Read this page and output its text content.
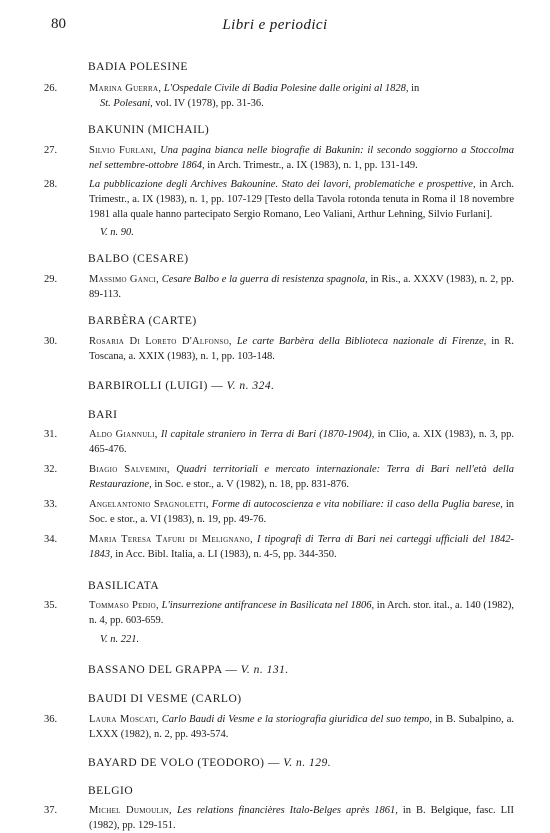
80	Libri e periodici
BADIA POLESINE
26.	Marina Guerra, L'Ospedale Civile di Badia Polesine dalle origini al 1828, in
St. Polesani, vol. IV (1978), pp. 31-36.
BAKUNIN (MICHAIL)
27.	Silvio Furlani, Una pagina bianca nelle biografie di Bakunin: il secondo soggiorno a Stoccolma nel settembre-ottobre 1864, in Arch. Trimestr., a. IX (1983), n. 1, pp. 131-149.
28.	La pubblicazione degli Archives Bakounine. Stato dei lavori, problematiche e prospettive, in Arch. Trimestr., a. IX (1983), n. 1, pp. 107-129 [Testo della Tavola rotonda tenuta in Roma il 18 novembre 1981 alla quale hanno partecipato Sergio Romano, Leo Valiani, Arthur Lehning, Silvio Furlani].
V. n. 90.
BALBO (CESARE)
29.	Massimo Ganci, Cesare Balbo e la guerra di resistenza spagnola, in Ris., a. XXXV (1983), n. 2, pp. 89-113.
BARBÈRA (CARTE)
30.	Rosaria Di Loreto D'Alfonso, Le carte Barbèra della Biblioteca nazionale di Firenze, in R. Toscana, a. XXIX (1983), n. 1, pp. 103-148.
BARBIROLLI (LUIGI) — V. n. 324.
BARI
31.	Aldo Giannuli, Il capitale straniero in Terra di Bari (1870-1904), in Clio, a. XIX (1983), n. 3, pp. 465-476.
32.	Biagio Salvemini, Quadri territoriali e mercato internazionale: Terra di Bari nell'età della Restaurazione, in Soc. e stor., a. V (1982), n. 18, pp. 831-876.
33.	Angelantonio Spagnoletti, Forme di autocoscienza e vita nobiliare: il caso della Puglia barese, in Soc. e stor., a. VI (1983), n. 19, pp. 49-76.
34.	Maria Teresa Tafuri di Melignano, I tipografi di Terra di Bari nei carteggi ufficiali del 1842-1843, in Acc. Bibl. Italia, a. LI (1983), n. 4-5, pp. 344-350.
BASILICATA
35.	Tommaso Pedio, L'insurrezione antifrancese in Basilicata nel 1806, in Arch. stor. ital., a. 140 (1982), n. 4, pp. 603-659.
V. n. 221.
BASSANO DEL GRAPPA — V. n. 131.
BAUDI DI VESME (CARLO)
36.	Laura Moscati, Carlo Baudi di Vesme e la storiografia giuridica del suo tempo, in B. Subalpino, a. LXXX (1982), n. 2, pp. 493-574.
BAYARD DE VOLO (TEODORO) — V. n. 129.
BELGIO
37.	Michel Dumoulin, Les relations financières Italo-Belges après 1861, in B. Belgique, fasc. LII (1982), pp. 129-151.
